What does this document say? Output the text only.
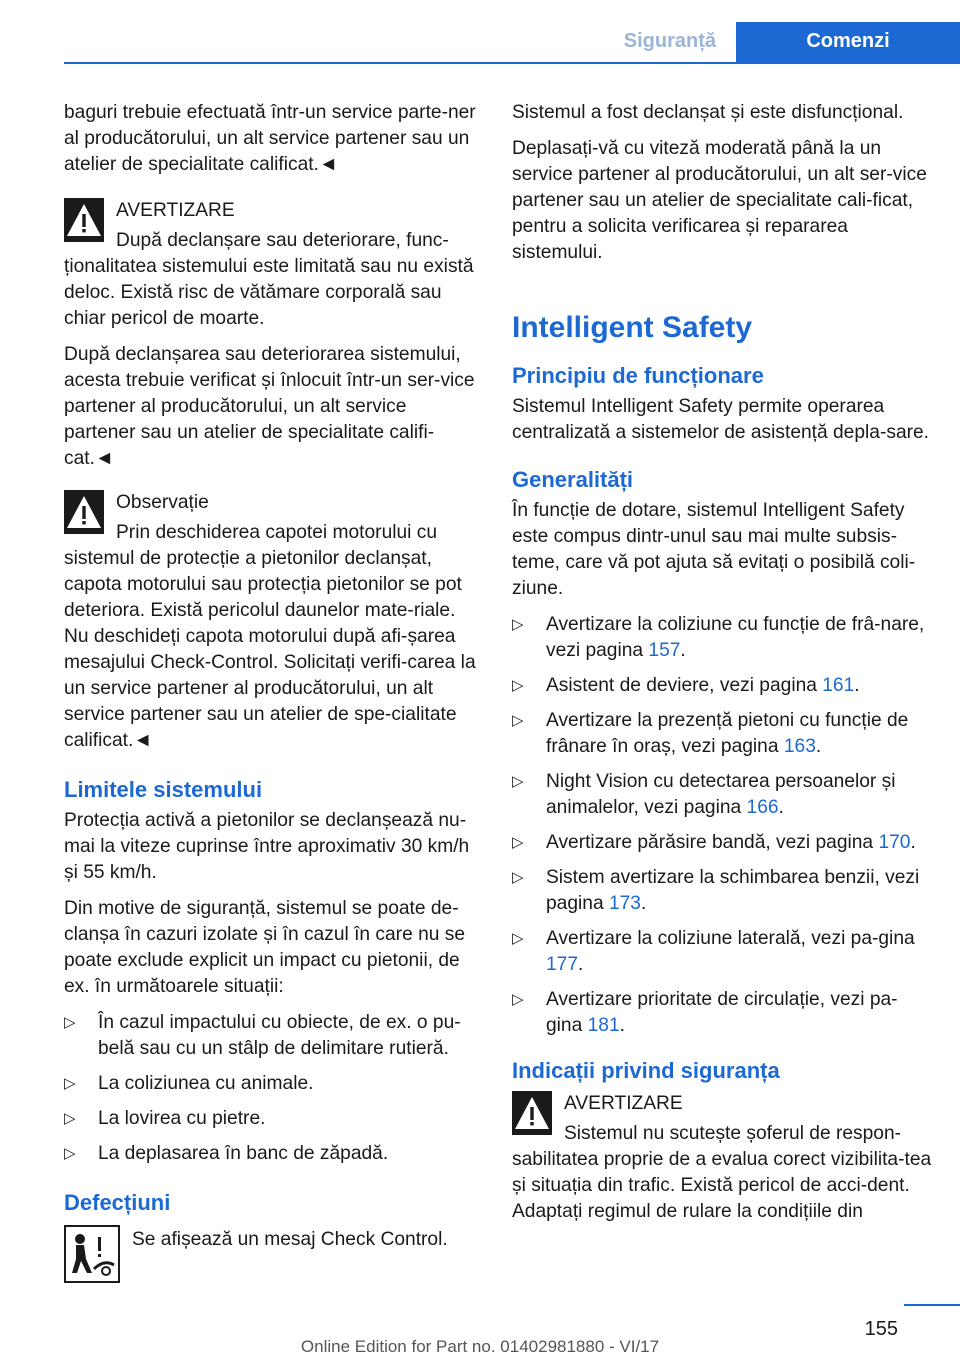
Siguranță	Comenzi

baguri trebuie efectuată într-un service parte-ner al producătorului, un alt service partener sau un atelier de specialitate calificat.◄

AVERTIZARE

După declanșare sau deteriorare, func-ționalitatea sistemului este limitată sau nu există deloc. Există risc de vătămare corporală sau chiar pericol de moarte.

După declanșarea sau deteriorarea sistemului, acesta trebuie verificat și înlocuit într-un ser-vice partener al producătorului, un alt service partener sau un atelier de specialitate califi-cat.◄

Observație

Prin deschiderea capotei motorului cu sistemul de protecție a pietonilor declanșat, capota motorului sau protecția pietonilor se pot deteriora. Există pericolul daunelor mate-riale. Nu deschideți capota motorului după afi-șarea mesajului Check-Control. Solicitați verifi-carea la un service partener al producătorului, un alt service partener sau un atelier de spe-cialitate calificat.◄

Limitele sistemului

Protecția activă a pietonilor se declanșează nu-mai la viteze cuprinse între aproximativ 30 km/h și 55 km/h.

Din motive de siguranță, sistemul se poate de-clanșa în cazuri izolate și în cazul în care nu se poate exclude explicit un impact cu pietonii, de ex. în următoarele situații:

▷ În cazul impactului cu obiecte, de ex. o pu-belă sau cu un stâlp de delimitare rutieră.
▷ La coliziunea cu animale.
▷ La lovirea cu pietre.
▷ La deplasarea în banc de zăpadă.
Defecțiuni

Se afișează un mesaj Check Control.

Sistemul a fost declanșat și este disfuncțional.

Deplasați-vă cu viteză moderată până la un service partener al producătorului, un alt ser-vice partener sau un atelier de specialitate cali-ficat, pentru a solicita verificarea și repararea sistemului.

Intelligent Safety
Principiu de funcționare

Sistemul Intelligent Safety permite operarea centralizată a sistemelor de asistență depla-sare.

Generalități

În funcție de dotare, sistemul Intelligent Safety este compus dintr-unul sau mai multe subsis-teme, care vă pot ajuta să evitați o posibilă coli-ziune.

▷ Avertizare la coliziune cu funcție de frâ-nare, vezi pagina 157.
▷ Asistent de deviere, vezi pagina 161.
▷ Avertizare la prezență pietoni cu funcție de frânare în oraș, vezi pagina 163.
▷ Night Vision cu detectarea persoanelor și animalelor, vezi pagina 166.
▷ Avertizare părăsire bandă, vezi pagina 170.
▷ Sistem avertizare la schimbarea benzii, vezi pagina 173.
▷ Avertizare la coliziune laterală, vezi pa-gina 177.
▷ Avertizare prioritate de circulație, vezi pa-gina 181.
Indicații privind siguranța

AVERTIZARE

Sistemul nu scutește șoferul de respon-sabilitatea proprie de a evalua corect vizibilita-tea și situația din trafic. Există pericol de acci-dent. Adaptați regimul de rulare la condițiile din

155
Online Edition for Part no. 01402981880 - VI/17
